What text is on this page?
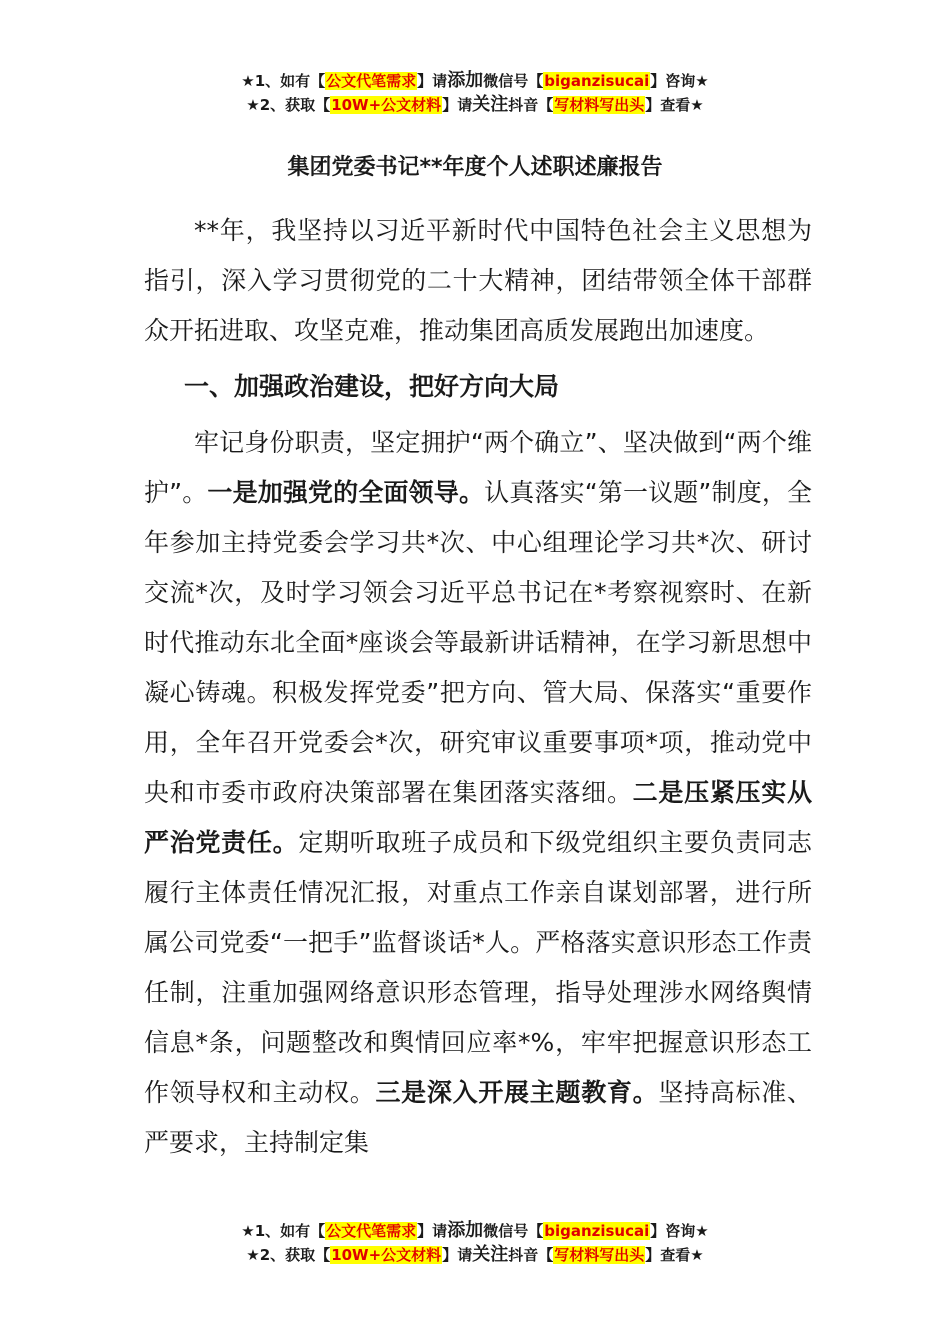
★1、如有【公文代笔需求】请添加微信号【biganzisucai】咨询★
★2、获取【10W+公文材料】请关注抖音【写材料写出头】查看★
集团党委书记**年度个人述职述廉报告

**年，我坚持以习近平新时代中国特色社会主义思想为指引，深入学习贯彻党的二十大精神，团结带领全体干部群众开拓进取、攻坚克难，推动集团高质发展跑出加速度。

一、加强政治建设，把好方向大局

牢记身份职责，坚定拥护“两个确立”、坚决做到“两个维护”。一是加强党的全面领导。认真落实“第一议题”制度，全年参加主持党委会学习共*次、中心组理论学习共*次、研讨交流*次，及时学习领会习近平总书记在*考察视察时、在新时代推动东北全面*座谈会等最新讲话精神，在学习新思想中凝心铸魂。积极发挥党委”把方向、管大局、保落实“重要作用，全年召开党委会*次，研究审议重要事项*项，推动党中央和市委市政府决策部署在集团落实落细。二是压紧压实从严治党责任。定期听取班子成员和下级党组织主要负责同志履行主体责任情况汇报，对重点工作亲自谋划部署，进行所属公司党委“一把手”监督谈话*人。严格落实意识形态工作责任制，注重加强网络意识形态管理，指导处理涉水网络舆情信息*条，问题整改和舆情回应率*%，牢牢把握意识形态工作领导权和主动权。三是深入开展主题教育。坚持高标准、严要求，主持制定集

★1、如有【公文代笔需求】请添加微信号【biganzisucai】咨询★
★2、获取【10W+公文材料】请关注抖音【写材料写出头】查看★
